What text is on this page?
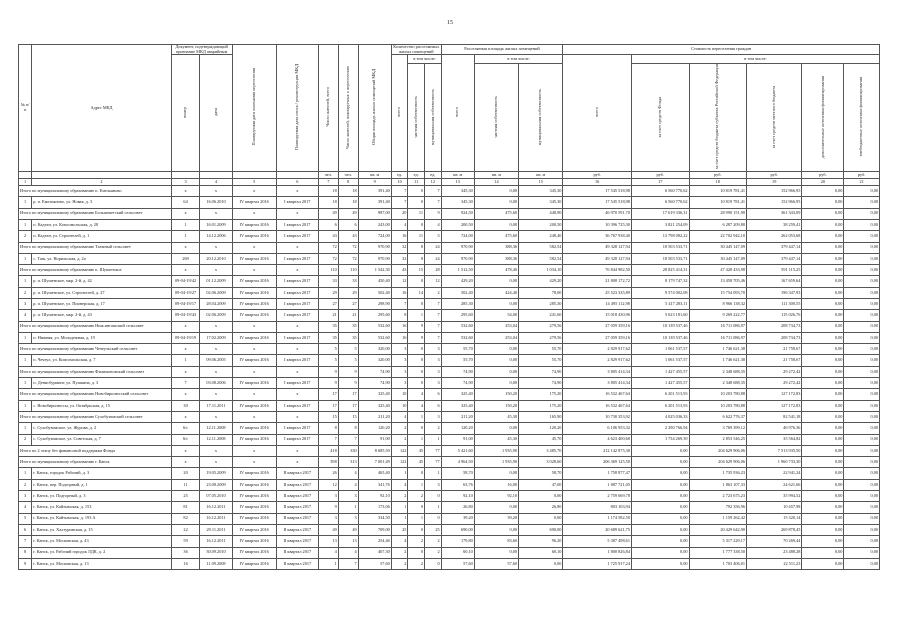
15
№ п/п	Адрес МКД	Документ, подтверждающий признание МКД аварийным		Планируемая дата окончания переселения	Планируемая дата сноса / реконструкции МКД	Число жителей, всего	Число жителей, планируемых к переселению	Общая площадь жилых помещений МКД	Количество расселяемых жилых помещений			Расселяемая площадь жилых помещений			Стоимость переселения граждан					
		номер	дата						всего	в том числе:		всего	в том числе:		всего	в том числе:				
										частная собственность	муниципальная собственность		частная собственность	муниципальная собственность		за счет средств Фонда	за счет средств бюджета субъекта Российской Федерации	за счет средств местного бюджета	дополнительные источники финансирования	внебюджетные источники финансирования
						чел.	чел.	кв. м	ед.	ед.	ед.	кв. м	кв. м	кв. м	руб.	руб.	руб.	руб.	руб.	руб.
1	2	3	4	5	6	7	8	9	10	11	12	13	14	15	16	17	18	19	20	21
Итого по муниципальному образованию п. Емельяново		x	x	x	x	18	18	391,40	7	0	7	345,30	0,00	345,30	17 545 518,98	6 560 770,62	10 819 781,41	152 966,95	0,00	0,00
1	р. п. Емельяново, ул. Новая, д. 3	64	16.06.2010	IV квартал 2016	I квартал 2017	18	18	391,40	7	0	7	345,30	0,00	345,30	17 545 518,98	6 560 770,62	10 819 781,41	152 966,95	0,00	0,00
Итого по муниципальному образованию Большекетский сельсовет		x	x	x	x	49	49	987,00	20	11	9	924,50	475,60	448,90	46 970 591,70	17 619 336,31	28 990 151,90	361 343,09	0,00	0,00
1	п. Кадтан, ул. Комсомольская, д. 28	1	16.01.2009	IV квартал 2016	I квартал 2017	6	6	243,00	4	0	4	200,50	0,00	200,50	10 396 725,30	3 821 254,09	6 287 209,80	38 259,41	0,00	0,00
2	п. Кадтан, ул. Строителей, д. 1	1	14.12.2006	IV квартал 2016	I квартал 2017	43	43	724,00	16	11	5	724,00	475,60	248,40	36 767 938,40	13 798 082,22	22 702 942,10	262 053,68	0,00	0,00
Итого по муниципальному образованию Таежный сельсовет		x	x	x	x	72	72	970,90	32	8	24	970,90	388,36	582,54	49 328 127,94	18 503 533,71	30 445 147,09	379 447,14	0,00	0,00
1	с. Таш, ул. Норильская, д. 2а	269	20.12.2010	IV квартал 2016	I квартал 2017	72	72	970,90	32	8	24	970,90	388,36	582,54	49 328 127,94	18 503 533,71	30 445 147,09	379 447,14	0,00	0,00
Итого по муниципальному образованию п. Шушенское		x	x	x	x	110	110	1 542,30	43	15	28	1 512,50	478,40	1 034,10	76 844 982,50	28 825 414,31	47 428 433,98	591 115,25	0,00	0,00
1	р. п. Шушенское, мкр. 2-й, д. 42	09-04-19/42	01.12.2009	IV квартал 2016	I квартал 2017	33	33	450,40	12	0	12	429,20	0,00	429,20	21 808 172,72	8 179 747,32	13 458 705,46	167 659,64	0,00	0,00
2	р. п. Шушенское, ул. Строителей, д. 27	09-04-19/27	02.06.2009	IV квартал 2016	I квартал 2017	29	29	502,40	16	14	2	502,40	424,40	78,00	25 523 335,89	9 574 002,08	15 754 093,70	196 347,93	0,00	0,00
3	р. п. Шушенское, ул. Пионерская, д. 17	09-04-19/17	28.04.2009	IV квартал 2016	I квартал 2017	27	27	298,90	7	0	7	285,30	0,00	285,30	14 495 112,98	5 417 283,11	8 966 138,32	111 300,55	0,00	0,00
4	р. п. Шушенское, мкр. 2-й, д. 43	09-04-19/43	02.06.2009	IV квартал 2016	I квартал 2017	21	21	295,60	8	1	7	295,60	54,00	241,60	15 018 430,96	5 623 181,60	9 269 222,77	115 026,76	0,00	0,00
Итого по муниципальному образованию Ниж.ингашский сельсовет		x	x	x	x	35	35	532,60	16	9	7	532,60	253,04	279,56	27 059 359,16	10 139 537,46	16 711 086,97	208 734,73	0,00	0,00
1	п. Нижняя, ул. Молодежная, д. 19	09-04-19/19	17.02.2009	IV квартал 2016	I квартал 2017	35	35	532,60	16	9	7	532,60	253,04	279,56	27 059 359,16	10 139 537,46	16 711 086,97	208 734,73	0,00	0,00
Итого по муниципальному образованию Чечеульский сельсовет		x	x	x	x	5	5	320,00	3	0	3	55,70	0,00	55,70	2 829 917,62	1 061 537,57	1 746 621,38	21 758,67	0,00	0,00
1	п. Чечеул, ул. Комсомольская, д. 7	1	09.06.2005	IV квартал 2016	I квартал 2017	5	5	320,00	3	0	3	55,70	0,00	55,70	2 829 917,62	1 061 537,57	1 746 621,38	21 758,67	0,00	0,00
Итого по муниципальному образованию Филимоновский сельсовет		x	x	x	x	9	9	74,90	3	0	3	74,90	0,00	74,90	3 805 414,34	1 427 455,57	2 348 688,35	29 272,42	0,00	0,00
1	п. Денисбурминг, ул. Пушкина, д. 3	7	03.08.2006	IV квартал 2016	I квартал 2017	9	9	74,90	3	0	3	74,90	0,00	74,90	3 805 414,34	1 427 455,57	2 348 688,35	29 272,42	0,00	0,00
Итого по муниципальному образованию Новобирилюсский сельсовет		x	x	x	x	17	17	325,40	10	4	6	325,40	150,20	175,20	16 532 467,64	6 201 513,93	10 203 780,88	127 172,83	0,00	0,00
1	с. Новобирилюссы, ул. Октябрьская, д. 15	30	17.11.2011	IV квартал 2016	I квартал 2017	17	17	325,40	10	4	6	325,40	150,20	175,20	16 532 467,64	6 201 513,93	10 203 780,88	127 172,83	0,00	0,00
Итого по муниципальному образованию Сухобузимский сельсовет		x	x	x	x	15	15	211,20	4	1	3	211,20	45,30	165,90	10 730 353,92	4 025 036,33	6 622 776,37	82 541,18	0,00	0,00
1	с. Сухобузимское, ул. Журова, д. 2	6/с	12.11.2008	IV квартал 2016	I квартал 2017	8	8	120,20	2	0	2	120,20	0,00	120,20	6 106 953,32	2 290 766,94	3 769 399,12	46 976,36	0,00	0,00
2	с. Сухобузимское, ул. Советская, д. 7	6/с	12.11.2008	IV квартал 2016	I квартал 2017	7	7	91,00	2	1	1	91,00	45,30	45,70	4 623 400,60	1 734 269,39	2 853 546,25	35 564,82	0,00	0,00
Итого по 2 этапу без финансовой поддержки Фонда		x	x	x	x	418	330	8 685,50	122	45	77	5 421,60	1 935,90	3 485,70	212 142 875,30	0,00	204 629 906,06	7 513 935,50	0,00	0,00
Итого по муниципальному образованию г. Канск		x	x	x	x	398	313	7 001,49	122	45	77	4 964,50	1 935,90	3 028,60	206 369 125,50	0,00	204 629 906,06	1 960 733,30	0,00	0,00
1	г. Канск, городок Рабочий, д. 3	20	19.05.2009	IV квартал 2016	II квартал 2017	26	4	465,40	1	0	1	58,70	0,00	58,70	1 758 877,47	0,00	1 735 936,23	22 941,24	0,00	0,00
2	г. Канск, пер. Подгорный, д. 1	11	23.08.2009	IV квартал 2016	II квартал 2017	12	4	341,76	4	1	3	63,76	16,00	47,00	1 887 721,05	0,00	1 863 107,33	24 621,66	0,00	0,00
3	г. Канск, ул. Подгорный, д. 3	25	07.05.2010	IV квартал 2016	II квартал 2017	3	3	92,10	2	2	0	92,10	92,10	0,00	2 759 669,78	0,00	2 723 675,23	35 994,52	0,00	0,00
4	г. Канск, ул. Кайтымская, д. 153	81	16.12.2011	IV квартал 2016	II квартал 2017	9	1	173,06	1	0	1	26,80	0,00	26,80	803 103,94	0,00	792 356,96	10 457,98	0,00	0,00
5	г. Канск, ул. Кайтымская, д. 193 А	82	16.12.2011	IV квартал 2016	II квартал 2017	3	3	334,50	1	1	0	39,20	39,20	0,00	1 174 582,50	0,00	1 159 262,42	15 320,14	0,00	0,00
6	г. Канск, ул. Халтуринская, д. 15	22	29.11.2011	IV квартал 2016	II квартал 2017	49	49	709,00	25	0	25	690,00	0,00	690,00	20 689 621,75	0,00	20 429 642,90	269 878,45	0,00	0,00
7	г. Канск, ул. Московская, д. 43	59	16.12.2011	IV квартал 2016	II квартал 2017	13	13	254,46	4	2	2	179,80	83,60	96,20	5 387 498,61	0,00	5 317 229,17	70 269,44	0,00	0,00
8	г. Канск, ул. Рабочий городок ЛДК, д. 2	36	30.09.2010	IV квартал 2016	II квартал 2017	4	4	467,30	2	0	2	60,10	0,00	60,10	1 800 826,84	0,00	1 777 338,50	23 488,28	0,00	0,00
9	г. Канск, ул. Московская, д. 13	16	11.09.2008	IV квартал 2016	II квартал 2017	1	7	57,60	2	2	0	57,60	57,60	0,00	1 725 917,24	0,00	1 703 406,01	22 511,23	0,00	0,00
